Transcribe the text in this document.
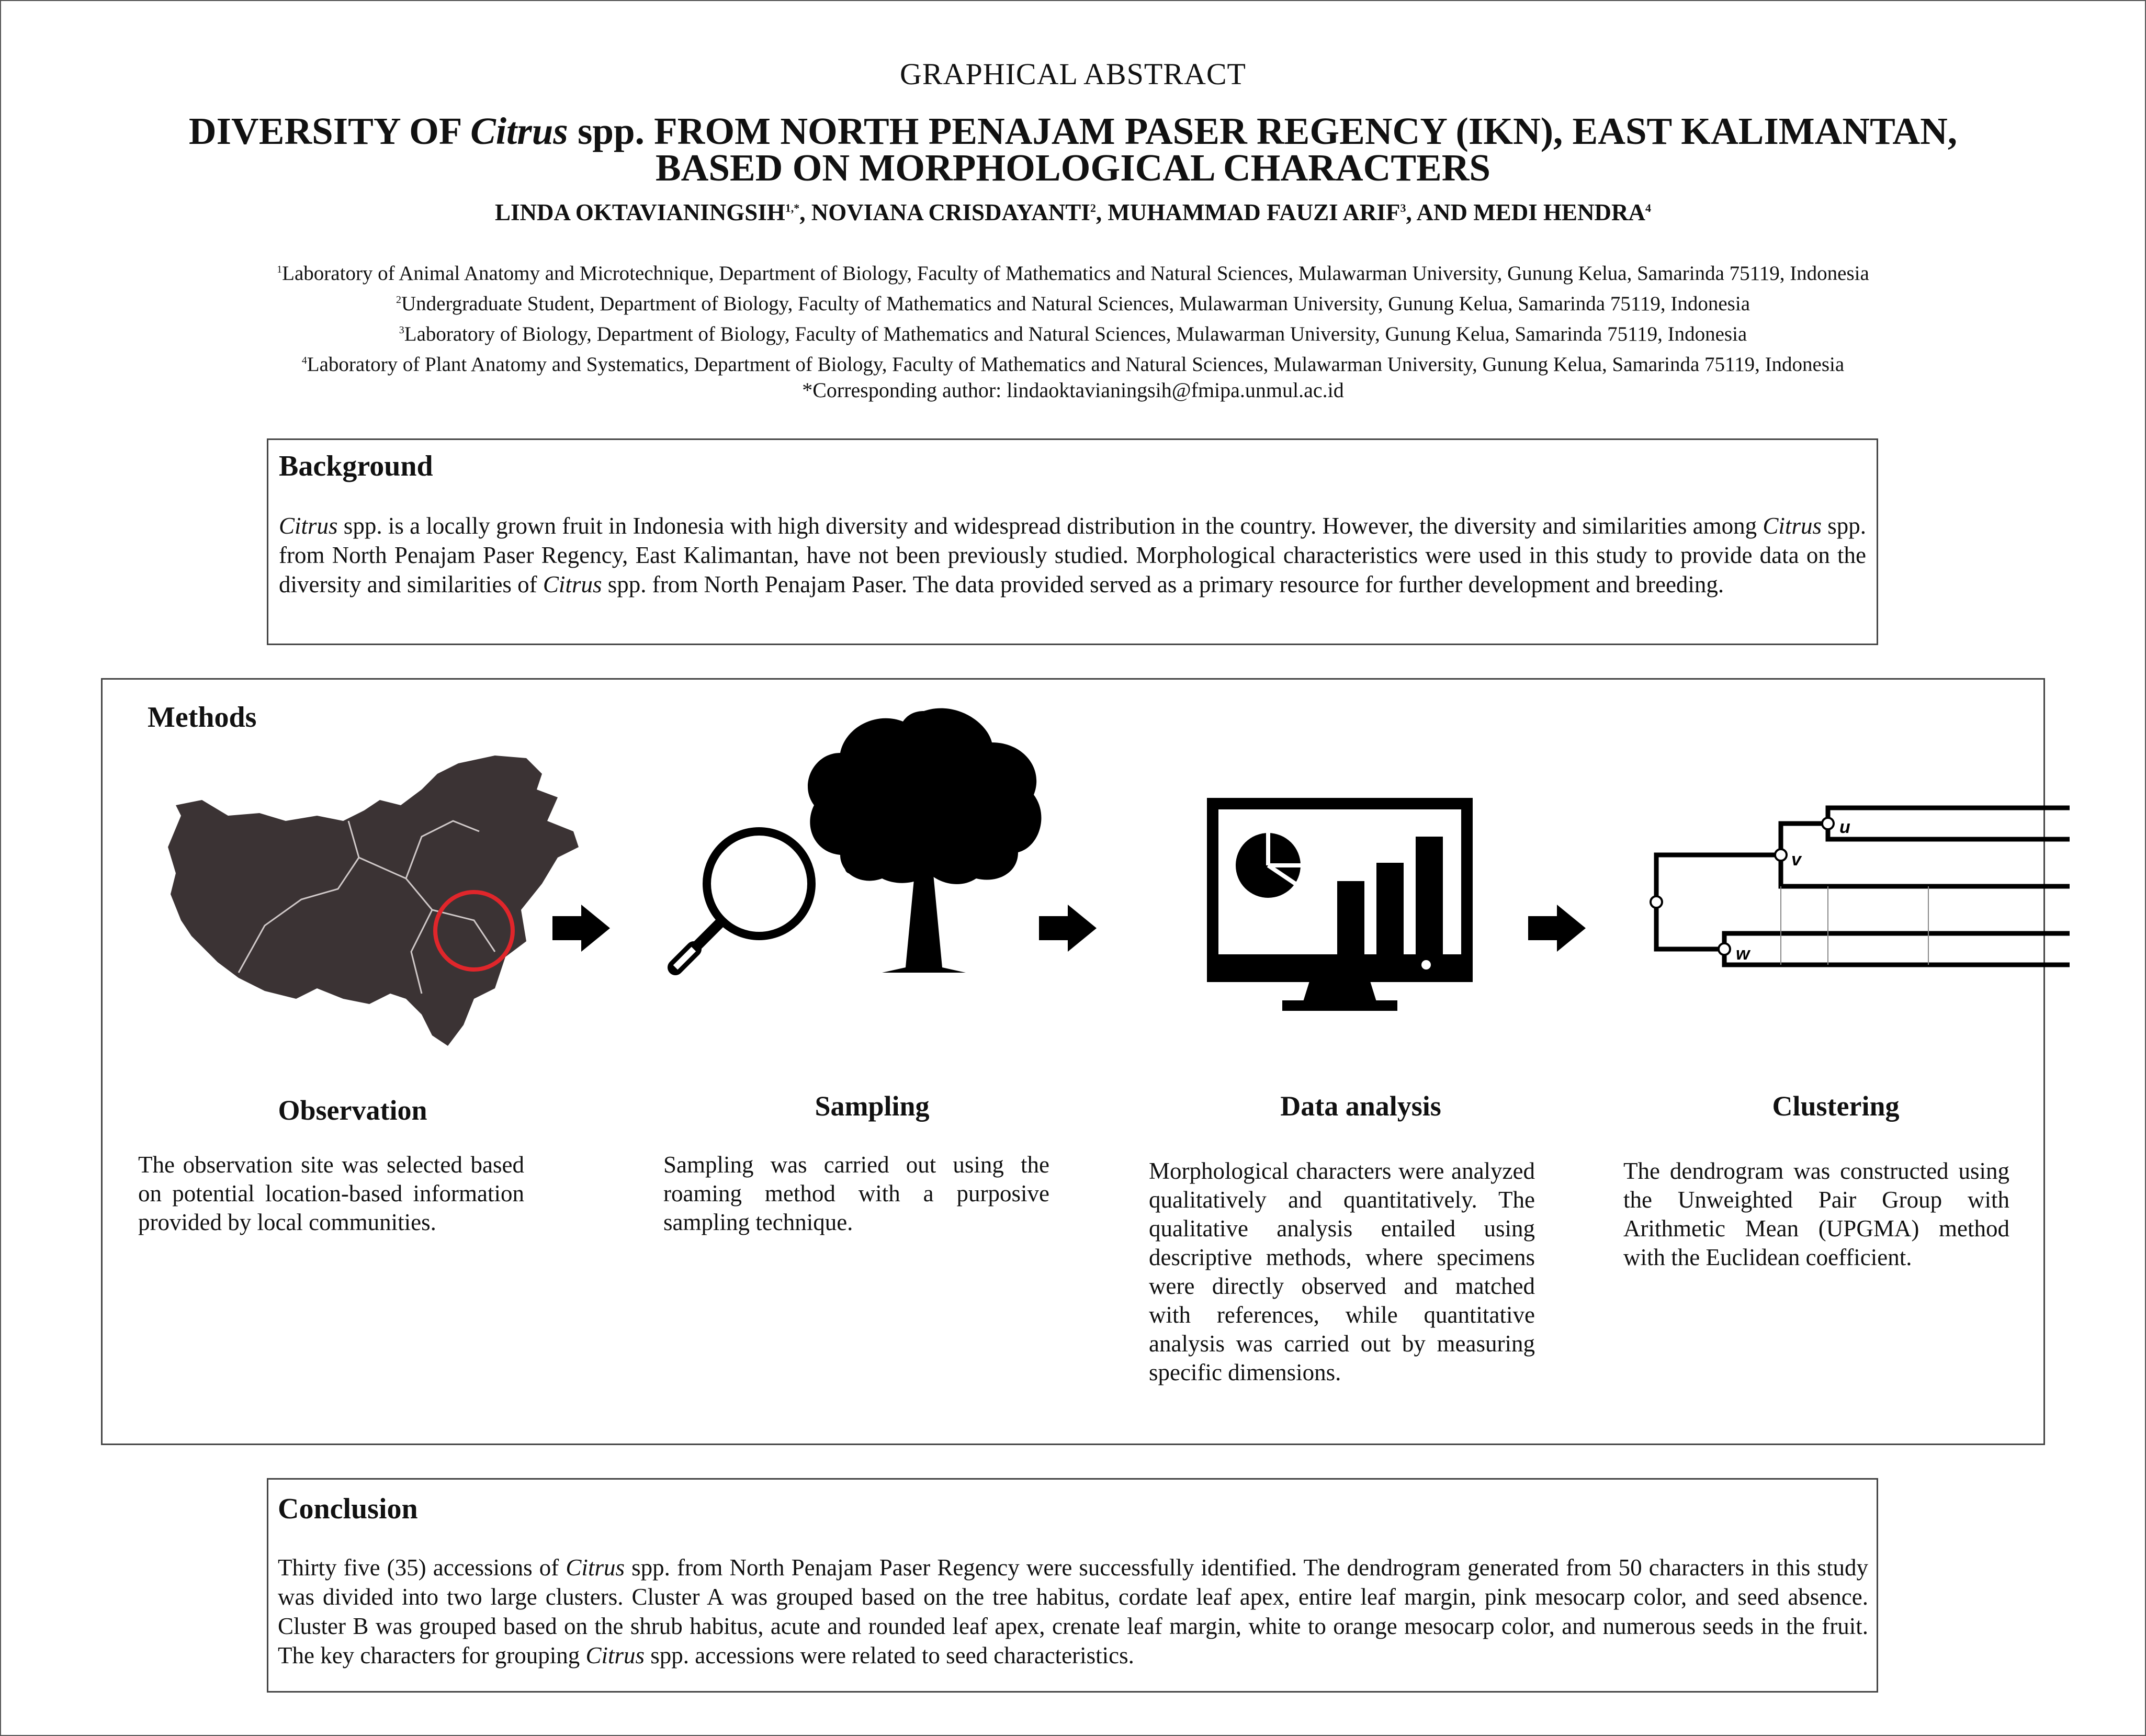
GRAPHICAL ABSTRACT
DIVERSITY OF Citrus spp. FROM NORTH PENAJAM PASER REGENCY (IKN), EAST KALIMANTAN,
BASED ON MORPHOLOGICAL CHARACTERS
LINDA $OKTAVIANINGSIH^{1,*}$, NOVIANA CRISDAYANTI$^2$, MUHAMMAD FAUZI ARIF$^3$, AND MEDI HENDRA$^4$
$^1$Laboratory of Animal Anatomy and Microtechnique, Department of Biology, Faculty of Mathematics and Natural Sciences, Mulawarman University, Gunung Kelua, Samarinda 75119, Indonesia
$^2$Undergraduate Student, Department of Biology, Faculty of Mathematics and Natural Sciences, Mulawarman University, Gunung Kelua, Samarinda 75119, Indonesia
$^3$Laboratory of Biology, Department of Biology, Faculty of Mathematics and Natural Sciences, Mulawarman University, Gunung Kelua, Samarinda 75119, Indonesia
$^4$Laboratory of Plant Anatomy and Systematics, Department of Biology, Faculty of Mathematics and Natural Sciences, Mulawarman University, Gunung Kelua, Samarinda 75119, Indonesia
*Corresponding author: lindaoktavianingsih@fmipa.unmul.ac.id
Background
Citrus spp. is a locally grown fruit in Indonesia with high diversity and widespread distribution in the country. However, the diversity and similarities among Citrus spp. from North Penajam Paser Regency, East Kalimantan, have not been previously studied. Morphological characteristics were used in this study to provide data on the diversity and similarities of Citrus spp. from North Penajam Paser. The data provided served as a primary resource for further development and breeding.
Methods
u
v
w
Observation	Sampling	Data analysis	Clustering
The observation site was selected based on potential location-based information provided by local communities.
Sampling was carried out using the roaming method with a purposive sampling technique.
Morphological characters were analyzed qualitatively and quantitatively. The qualitative analysis entailed using descriptive methods, where specimens were directly observed and matched with references, while quantitative analysis was carried out by measuring specific dimensions.
The dendrogram was constructed using the Unweighted Pair Group with Arithmetic Mean (UPGMA) method with the Euclidean coefficient.
Conclusion
Thirty five (35) accessions of Citrus spp. from North Penajam Paser Regency were successfully identified. The dendrogram generated from 50 characters in this study was divided into two large clusters. Cluster A was grouped based on the tree habitus, cordate leaf apex, entire leaf margin, pink mesocarp color, and seed absence. Cluster B was grouped based on the shrub habitus, acute and rounded leaf apex, crenate leaf margin, white to orange mesocarp color, and numerous seeds in the fruit. The key characters for grouping Citrus spp. accessions were related to seed characteristics.
